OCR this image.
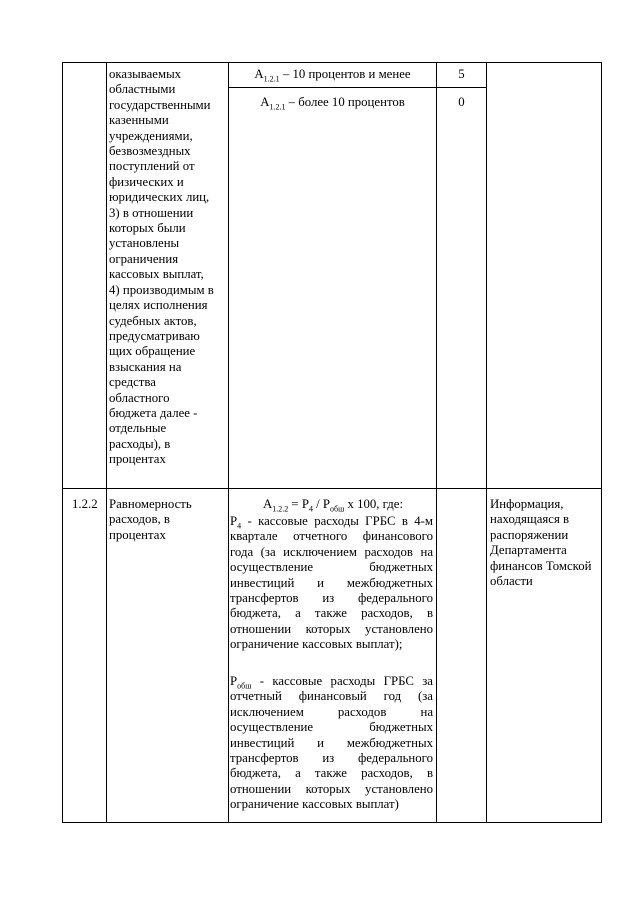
оказываемых
областными
государственными
казенными
учреждениями,
безвозмездных
поступлений от
физических и
юридических лиц,
3) в отношении
которых были
установлены
ограничения
кассовых выплат,
4) производимым в
целях исполнения
судебных актов,
предусматриваю
щих обращение
взыскания на
средства
областного
бюджета далее -
отдельные
расходы), в
процентах
$А_{1.2.1} - 10$ процентов и менее	5
$А_{1.2.1}$ – более 10 процентов	0
1.2.2 Равномерность расходов, в процентах
$А_{1.2.2} = Р_4 / Р_{обш}$ х 100, где:
$Р_4$ - кассовые расходы ГРБС в 4-м квартале отчетного финансового года (за исключением расходов на осуществление бюджетных инвестиций и межбюджетных трансфертов из федерального бюджета, а также расходов, в отношении которых установлено ограничение кассовых выплат);
$Р_{обш}$ - кассовые расходы ГРБС за отчетный финансовый год (за исключением расходов на осуществление бюджетных инвестиций и межбюджетных трансфертов из федерального бюджета, а также расходов, в отношении которых установлено ограничение кассовых выплат)
Информация, находящаяся в распоряжении Департамента финансов Томской области
